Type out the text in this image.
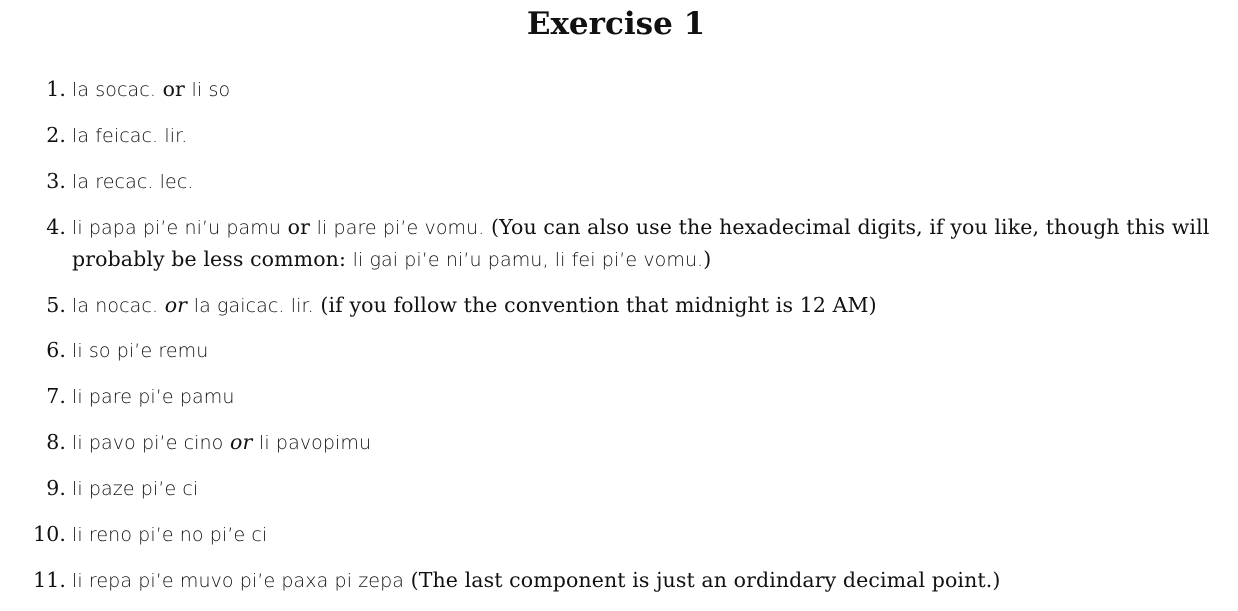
Exercise 1
1. la socac. or li so
2. la feicac. lir.
3. la recac. lec.
4. li papa pi’e ni’u pamu or li pare pi’e vomu. (You can also use the hexadecimal digits, if you like, though this will probably be less common: li gai pi’e ni’u pamu, li fei pi’e vomu.)
5. la nocac. or la gaicac. lir. (if you follow the convention that midnight is 12 AM)
6. li so pi’e remu
7. li pare pi’e pamu
8. li pavo pi’e cino or li pavopimu
9. li paze pi’e ci
10. li reno pi’e no pi’e ci
11. li repa pi’e muvo pi’e paxa pi zepa (The last component is just an ordindary decimal point.)
